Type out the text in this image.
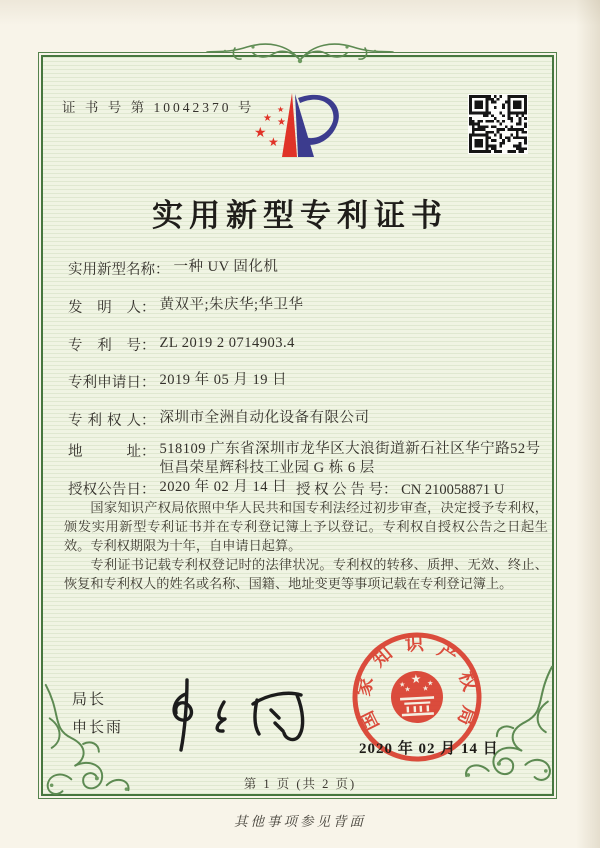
证 书 号 第 10042370 号
★
★
★
★
★
实用新型专利证书
实用新型名称： 一种 UV 固化机
发 明 人： 黄双平;朱庆华;华卫华
专 利 号： ZL 2019 2 0714903.4
专利申请日： 2019 年 05 月 19 日
专 利 权 人： 深圳市全洲自动化设备有限公司
地 址： 518109 广东省深圳市龙华区大浪街道新石社区华宁路52号恒昌荣星辉科技工业园 G 栋 6 层
授权公告日： 2020 年 02 月 14 日 授 权 公 告 号： CN 210058871 U

国家知识产权局依照中华人民共和国专利法经过初步审查，决定授予专利权，颁发实用新型专利证书并在专利登记簿上予以登记。专利权自授权公告之日起生效。专利权期限为十年，自申请日起算。

专利证书记载专利权登记时的法律状况。专利权的转移、质押、无效、终止、恢复和专利权人的姓名或名称、国籍、地址变更等事项记载在专利登记簿上。

局长
申长雨	国家知识产权局
★
★	★
★ ★
2020 年 02 月 14 日
第 1 页 (共 2 页)
其他事项参见背面
